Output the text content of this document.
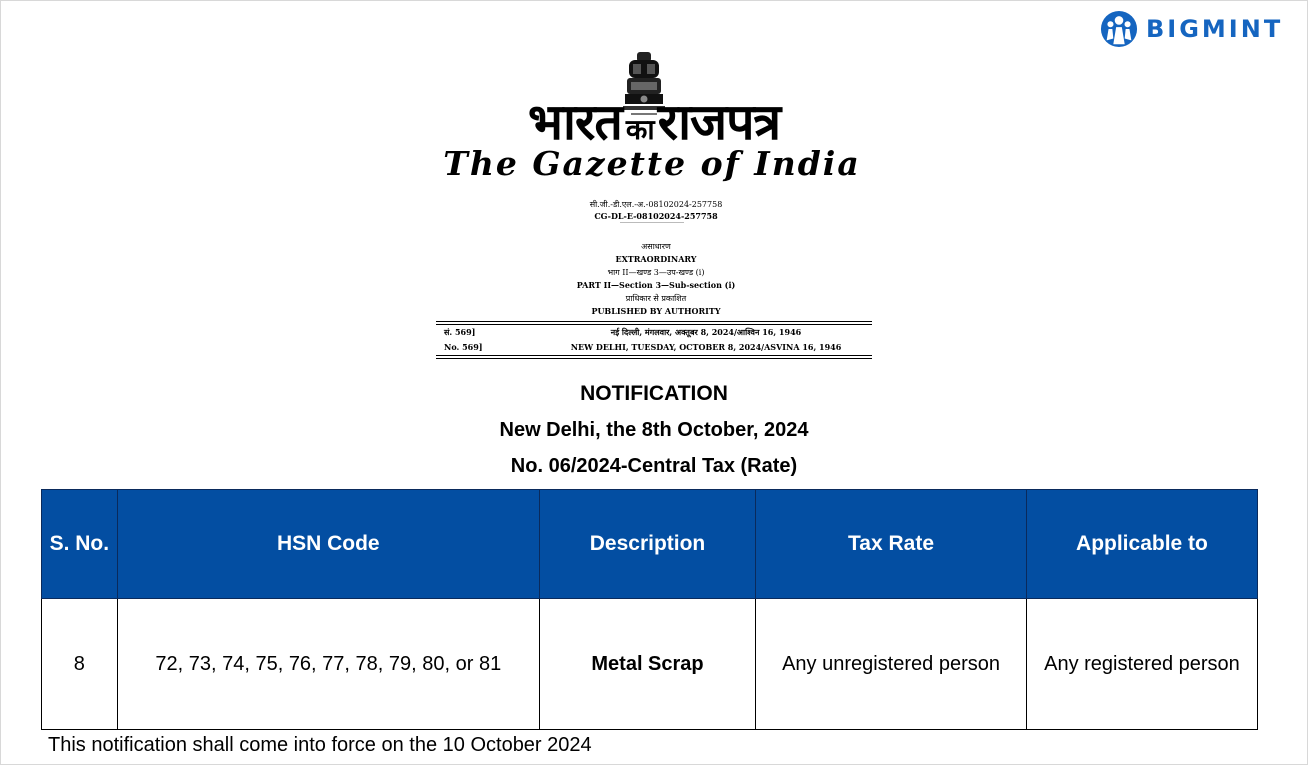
BIGMINT
भारत काराजपत्र
The Gazette of India
सी.जी.-डी.एल.-अ.-08102024-257758
CG-DL-E-08102024-257758
असाधारण
EXTRAORDINARY
भाग II—खण्ड 3—उप-खण्ड (i)
PART II—Section 3—Sub-section (i)
प्राधिकार से प्रकाशित
PUBLISHED BY AUTHORITY
सं. 569]	नई दिल्ली, मंगलवार, अक्तूबर 8, 2024/आश्विन 16, 1946
No. 569]	NEW DELHI, TUESDAY, OCTOBER 8, 2024/ASVINA 16, 1946
NOTIFICATION
New Delhi, the 8th October, 2024
No. 06/2024-Central Tax (Rate)
S. No.	HSN Code	Description	Tax Rate	Applicable to
8	72, 73, 74, 75, 76, 77, 78, 79, 80, or 81	Metal Scrap	Any unregistered person	Any registered person
This notification shall come into force on the 10 October 2024
